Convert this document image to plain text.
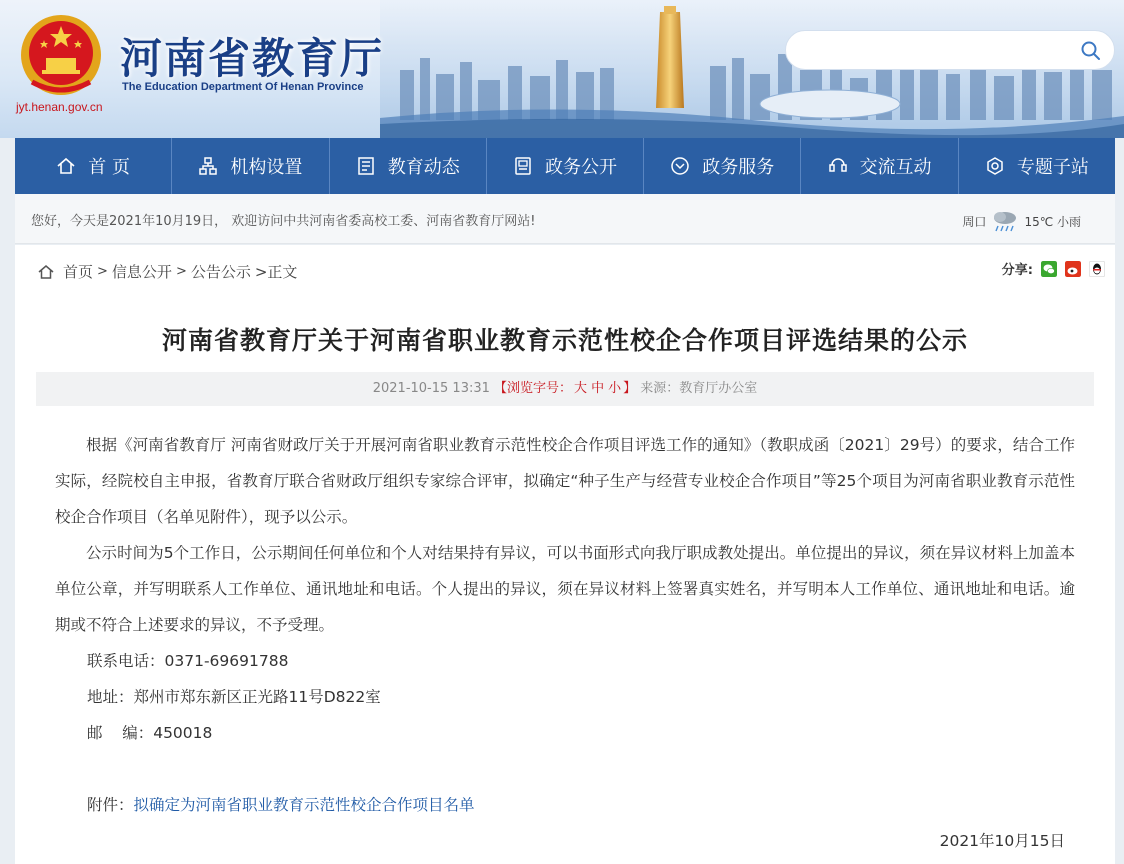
jyt.henan.gov.cn
河南省教育厅
The Education Department Of Henan Province
首 页	机构设置	教育动态	政务公开	政务服务	交流互动	专题子站
您好，今天是2021年10月19日， 欢迎访问中共河南省委高校工委、河南省教育厅网站!	周口	15℃ 小雨
首页 > 信息公开 > 公告公示 >正文	分享:
河南省教育厅关于河南省职业教育示范性校企合作项目评选结果的公示
2021-10-15 13:31 【浏览字号： 大 中 小 】 来源：教育厅办公室

根据《河南省教育厅 河南省财政厅关于开展河南省职业教育示范性校企合作项目评选工作的通知》（教职成函〔2021〕29号）的要求，结合工作实际，经院校自主申报，省教育厅联合省财政厅组织专家综合评审，拟确定“种子生产与经营专业校企合作项目”等25个项目为河南省职业教育示范性校企合作项目（名单见附件），现予以公示。

公示时间为5个工作日，公示期间任何单位和个人对结果持有异议，可以书面形式向我厅职成教处提出。单位提出的异议，须在异议材料上加盖本单位公章，并写明联系人工作单位、通讯地址和电话。个人提出的异议，须在异议材料上签署真实姓名，并写明本人工作单位、通讯地址和电话。逾期或不符合上述要求的异议，不予受理。

联系电话：0371-69691788

地址：郑州市郑东新区正光路11号D822室

邮    编：450018

附件：拟确定为河南省职业教育示范性校企合作项目名单

2021年10月15日
